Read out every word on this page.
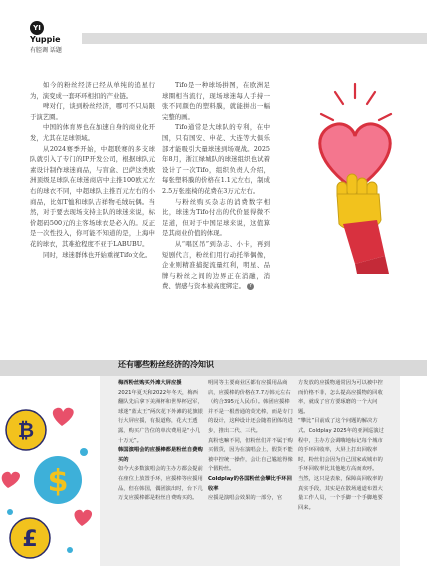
YI
Yuppie
有腔调 话题

如今的粉丝经济已经从单纯的追星行为，演变成一套环环相扣的产业链。

啤对仃，谈到粉丝经济，哪可不只局限于演艺圈。

中国的体育界也在加速自身的商业化开发，尤其在足球领域。

从2024赛季开始，中超联赛的多支球队就引入了专门的IP开发公司，根据球队元素设计制作球迷商品，与盲盒、巴萨这类欧洲顶级足球队在球迷商店中主推100欧元左右的球衣不同，中超球队主推百元左右的小商品，比如T恤和球队吉祥物毛绒玩偶。当然，对于要去现场支持主队的球迷来说，标价超码500元的主客场球衣是必入的。反正是一次性投入，你可能不知道的是，上海申花的球衣，其难抢程度不亚于LABUBU。

同时，球迷群体也开始重视Tifo文化。

Tifo是一种球场拼图，在欧洲足球圈相当流行，现场球迷每人手持一张不同颜色的塑料膜，就能拼出一幅完整的画。

Tifo通常是大球队的专利，在中国，只有国安、申花、大连等大俱乐部才能吸引大量球迷到场观战。2025年8月，浙江绿城队的球迷组织也试着设计了一次Tifo，组织负责人介绍，每张塑料膜的价格在1.1元左右，制成2.5万张座椅的花费在3万元左右。

与粉丝购买杂志的消费数字相比，球迷为Tifo付出的代价显得微不足道，但对于中国足球来说，这值算是其商业价值的体现。

从“唱区吊”到杂志、小卡，再到短剧代言，粉丝们用行动托举偶像，企业则精准捕捉流量红利，明星、品牌与粉丝之间的边界正在消融，消费、情感与资本被高度绑定。 Y

还有哪些粉丝经济的冷知识

梅西粉丝购买外滩大屏应援

2021年夏天和2022年冬天，梅西翻队先后拿下美洲杯和世界杯冠军，球迷“蓝太王”两次花下外滩的花旗银行大屏应援，有报道称，花大王透露，购买广告位的单次费用是“小几十万元”。

韩国演唱会的应援棒都是粉丝自费购买的

如今大多数演唱会的主办方都会提前在座位上放置手环，应援棒等应援用品，但在韩国，偶团演出时，台下几万支应援棒都是粉丝自费购买的。

明同等主要商业区都有应援用品商店，应援棒的价格在7.7万韩元左右（约合395元人民币）。韩团应援棒并不是一根普通的荧光棒，而是专门的设计，这种设计还会随着团体的进步，推出二代、三代。

真粉也嘛不同，但粉丝们并不属于购买假货，因为在演唱会上，假货不能被中控统一操作，会让自己尴尬得像个假粉丝。

Coldplay的各国粉丝会攀比手环回收率

应援是演唱会效果的一部分，官

方发放的应援物通常因为可以被中控而价格不菲，怎么提高应援物的回收率，就成了官方要琢磨的一个大问题。

“攀比”目前成了这个问题的解决方式。Coldplay 2025年的亚洲巡演过程中，主办方会调嗨地标记每个城市的手环回收率，大屏上打出回收率时，粉丝们会因为自己国家或城市的手环回收率比其他地方高而欢呼。

当然，这只是表象，保障高回收率的真实手段，其实是在散场通道布置大量工作人员，一个手脚一个手脚地要回来。

₿
$
£
